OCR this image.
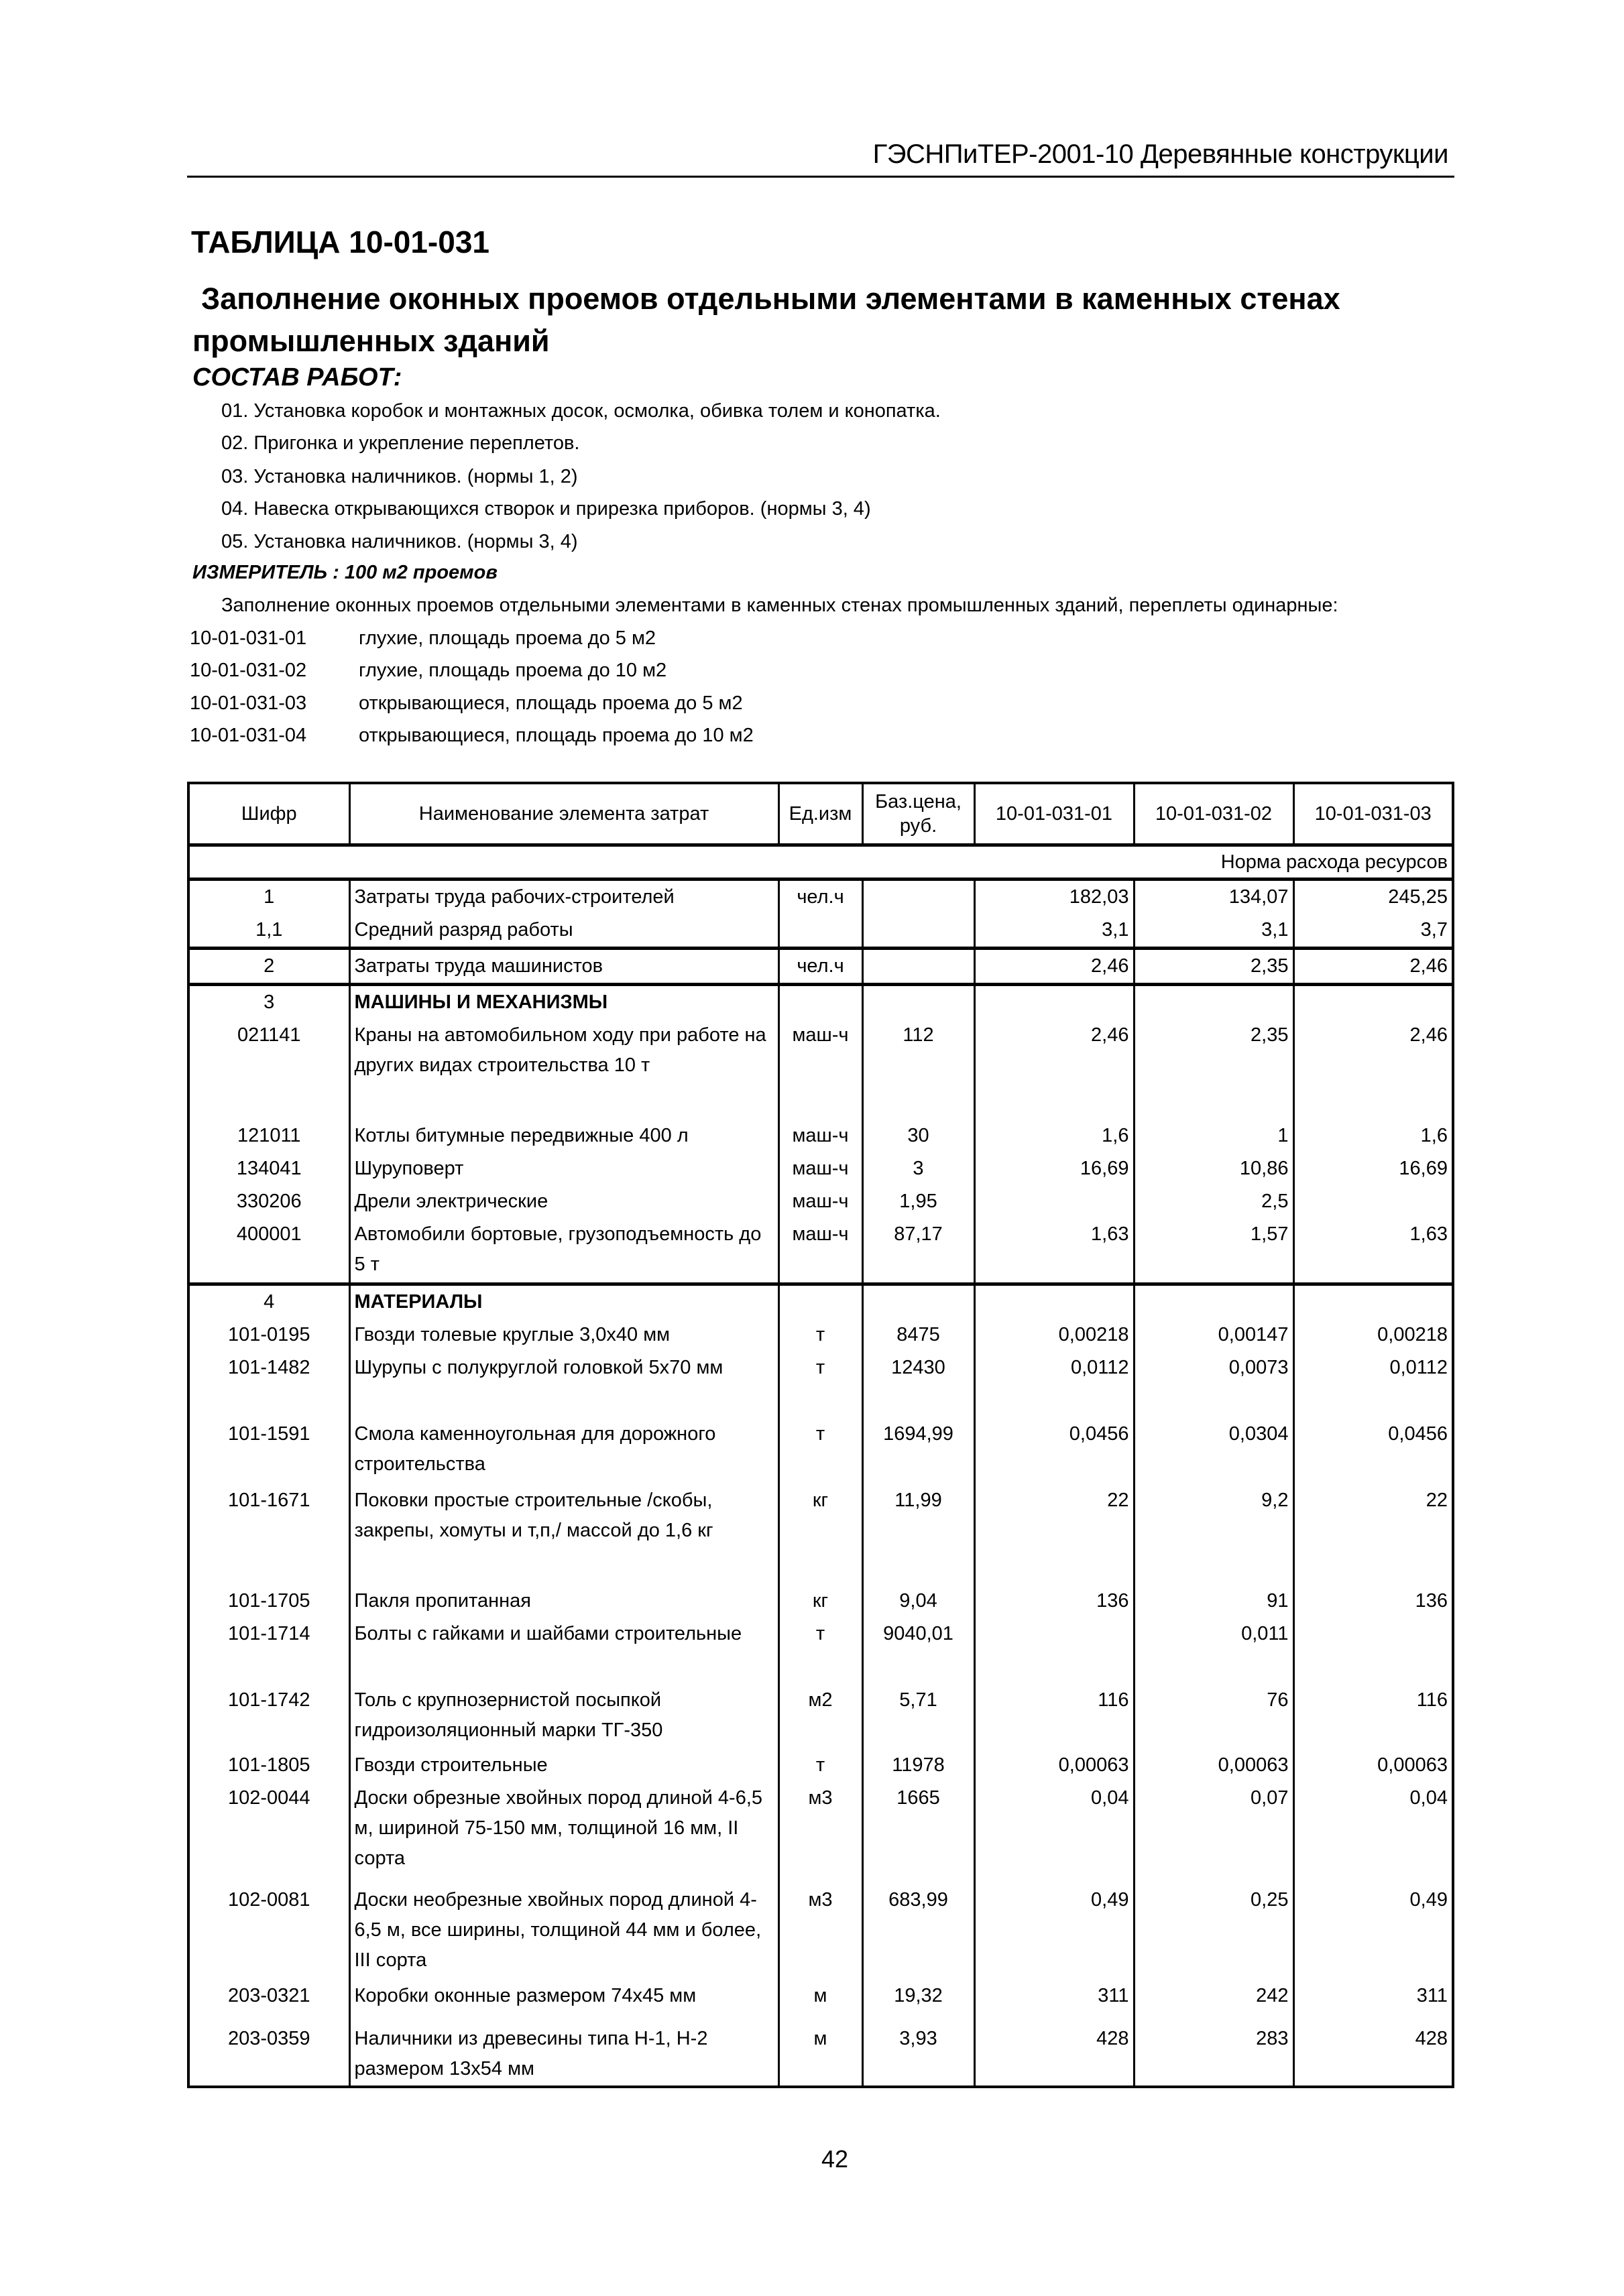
ГЭСНПиТЕР-2001-10 Деревянные конструкции
ТАБЛИЦА 10-01-031
Заполнение оконных проемов отдельными элементами в каменных стенах
промышленных зданий
СОСТАВ РАБОТ:
01. Установка коробок и монтажных досок, осмолка, обивка толем и конопатка.
02. Пригонка и укрепление переплетов.
03. Установка наличников. (нормы 1, 2)
04. Навеска открывающихся створок и прирезка приборов. (нормы 3, 4)
05. Установка наличников. (нормы 3, 4)
ИЗМЕРИТЕЛЬ : 100 м2 проемов
Заполнение оконных проемов отдельными элементами в каменных стенах промышленных зданий, переплеты одинарные:
10-01-031-01	глухие, площадь проема до 5 м2
10-01-031-02	глухие, площадь проема до 10 м2
10-01-031-03	открывающиеся, площадь проема до 5 м2
10-01-031-04	открывающиеся, площадь проема до 10 м2
Шифр	Наименование элемента затрат	Ед.изм	Баз.цена, руб.	10-01-031-01	10-01-031-02	10-01-031-03
Норма расхода ресурсов						
1	Затраты труда рабочих-строителей	чел.ч		182,03	134,07	245,25
1,1	Средний разряд работы			3,1	3,1	3,7
2	Затраты труда машинистов	чел.ч		2,46	2,35	2,46
3	МАШИНЫ И МЕХАНИЗМЫ					
021141	Краны на автомобильном ходу при работе на других видах строительства 10 т	маш-ч	112	2,46	2,35	2,46
121011	Котлы битумные передвижные 400 л	маш-ч	30	1,6	1	1,6
134041	Шуруповерт	маш-ч	3	16,69	10,86	16,69
330206	Дрели электрические	маш-ч	1,95		2,5	
400001	Автомобили бортовые, грузоподъемность до 5 т	маш-ч	87,17	1,63	1,57	1,63
4	МАТЕРИАЛЫ					
101-0195	Гвозди толевые круглые 3,0х40 мм	т	8475	0,00218	0,00147	0,00218
101-1482	Шурупы с полукруглой головкой 5х70 мм	т	12430	0,0112	0,0073	0,0112
101-1591	Смола каменноугольная для дорожного строительства	т	1694,99	0,0456	0,0304	0,0456
101-1671	Поковки простые строительные /скобы, закрепы, хомуты и т,п,/ массой до 1,6 кг	кг	11,99	22	9,2	22
101-1705	Пакля пропитанная	кг	9,04	136	91	136
101-1714	Болты с гайками и шайбами строительные	т	9040,01		0,011	
101-1742	Толь с крупнозернистой посыпкой гидроизоляционный марки ТГ-350	м2	5,71	116	76	116
101-1805	Гвозди строительные	т	11978	0,00063	0,00063	0,00063
102-0044	Доски обрезные хвойных пород длиной 4-6,5 м, шириной 75-150 мм, толщиной 16 мм, II сорта	м3	1665	0,04	0,07	0,04
102-0081	Доски необрезные хвойных пород длиной 4-6,5 м, все ширины, толщиной 44 мм и более, III сорта	м3	683,99	0,49	0,25	0,49
203-0321	Коробки оконные размером 74х45 мм	м	19,32	311	242	311
203-0359	Наличники из древесины типа Н-1, Н-2 размером 13х54 мм	м	3,93	428	283	428
42
